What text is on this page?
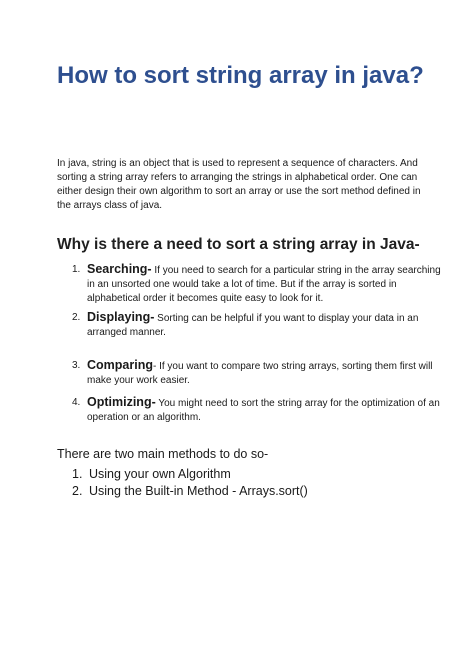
How to sort string array in java?

In java, string is an object that is used to represent a sequence of characters. And sorting a string array refers to arranging the strings in alphabetical order. One can either design their own algorithm to sort an array or use the sort method defined in the arrays class of java.

Why is there a need to sort a string array in Java-
1. Searching- If you need to search for a particular string in the array searching in an unsorted one would take a lot of time. But if the array is sorted in alphabetical order it becomes quite easy to look for it.
2. Displaying- Sorting can be helpful if you want to display your data in an arranged manner.
3. Comparing- If you want to compare two string arrays, sorting them first will make your work easier.
4. Optimizing- You might need to sort the string array for the optimization of an operation or an algorithm.

There are two main methods to do so-

1. Using your own Algorithm
2. Using the Built-in Method - Arrays.sort()
